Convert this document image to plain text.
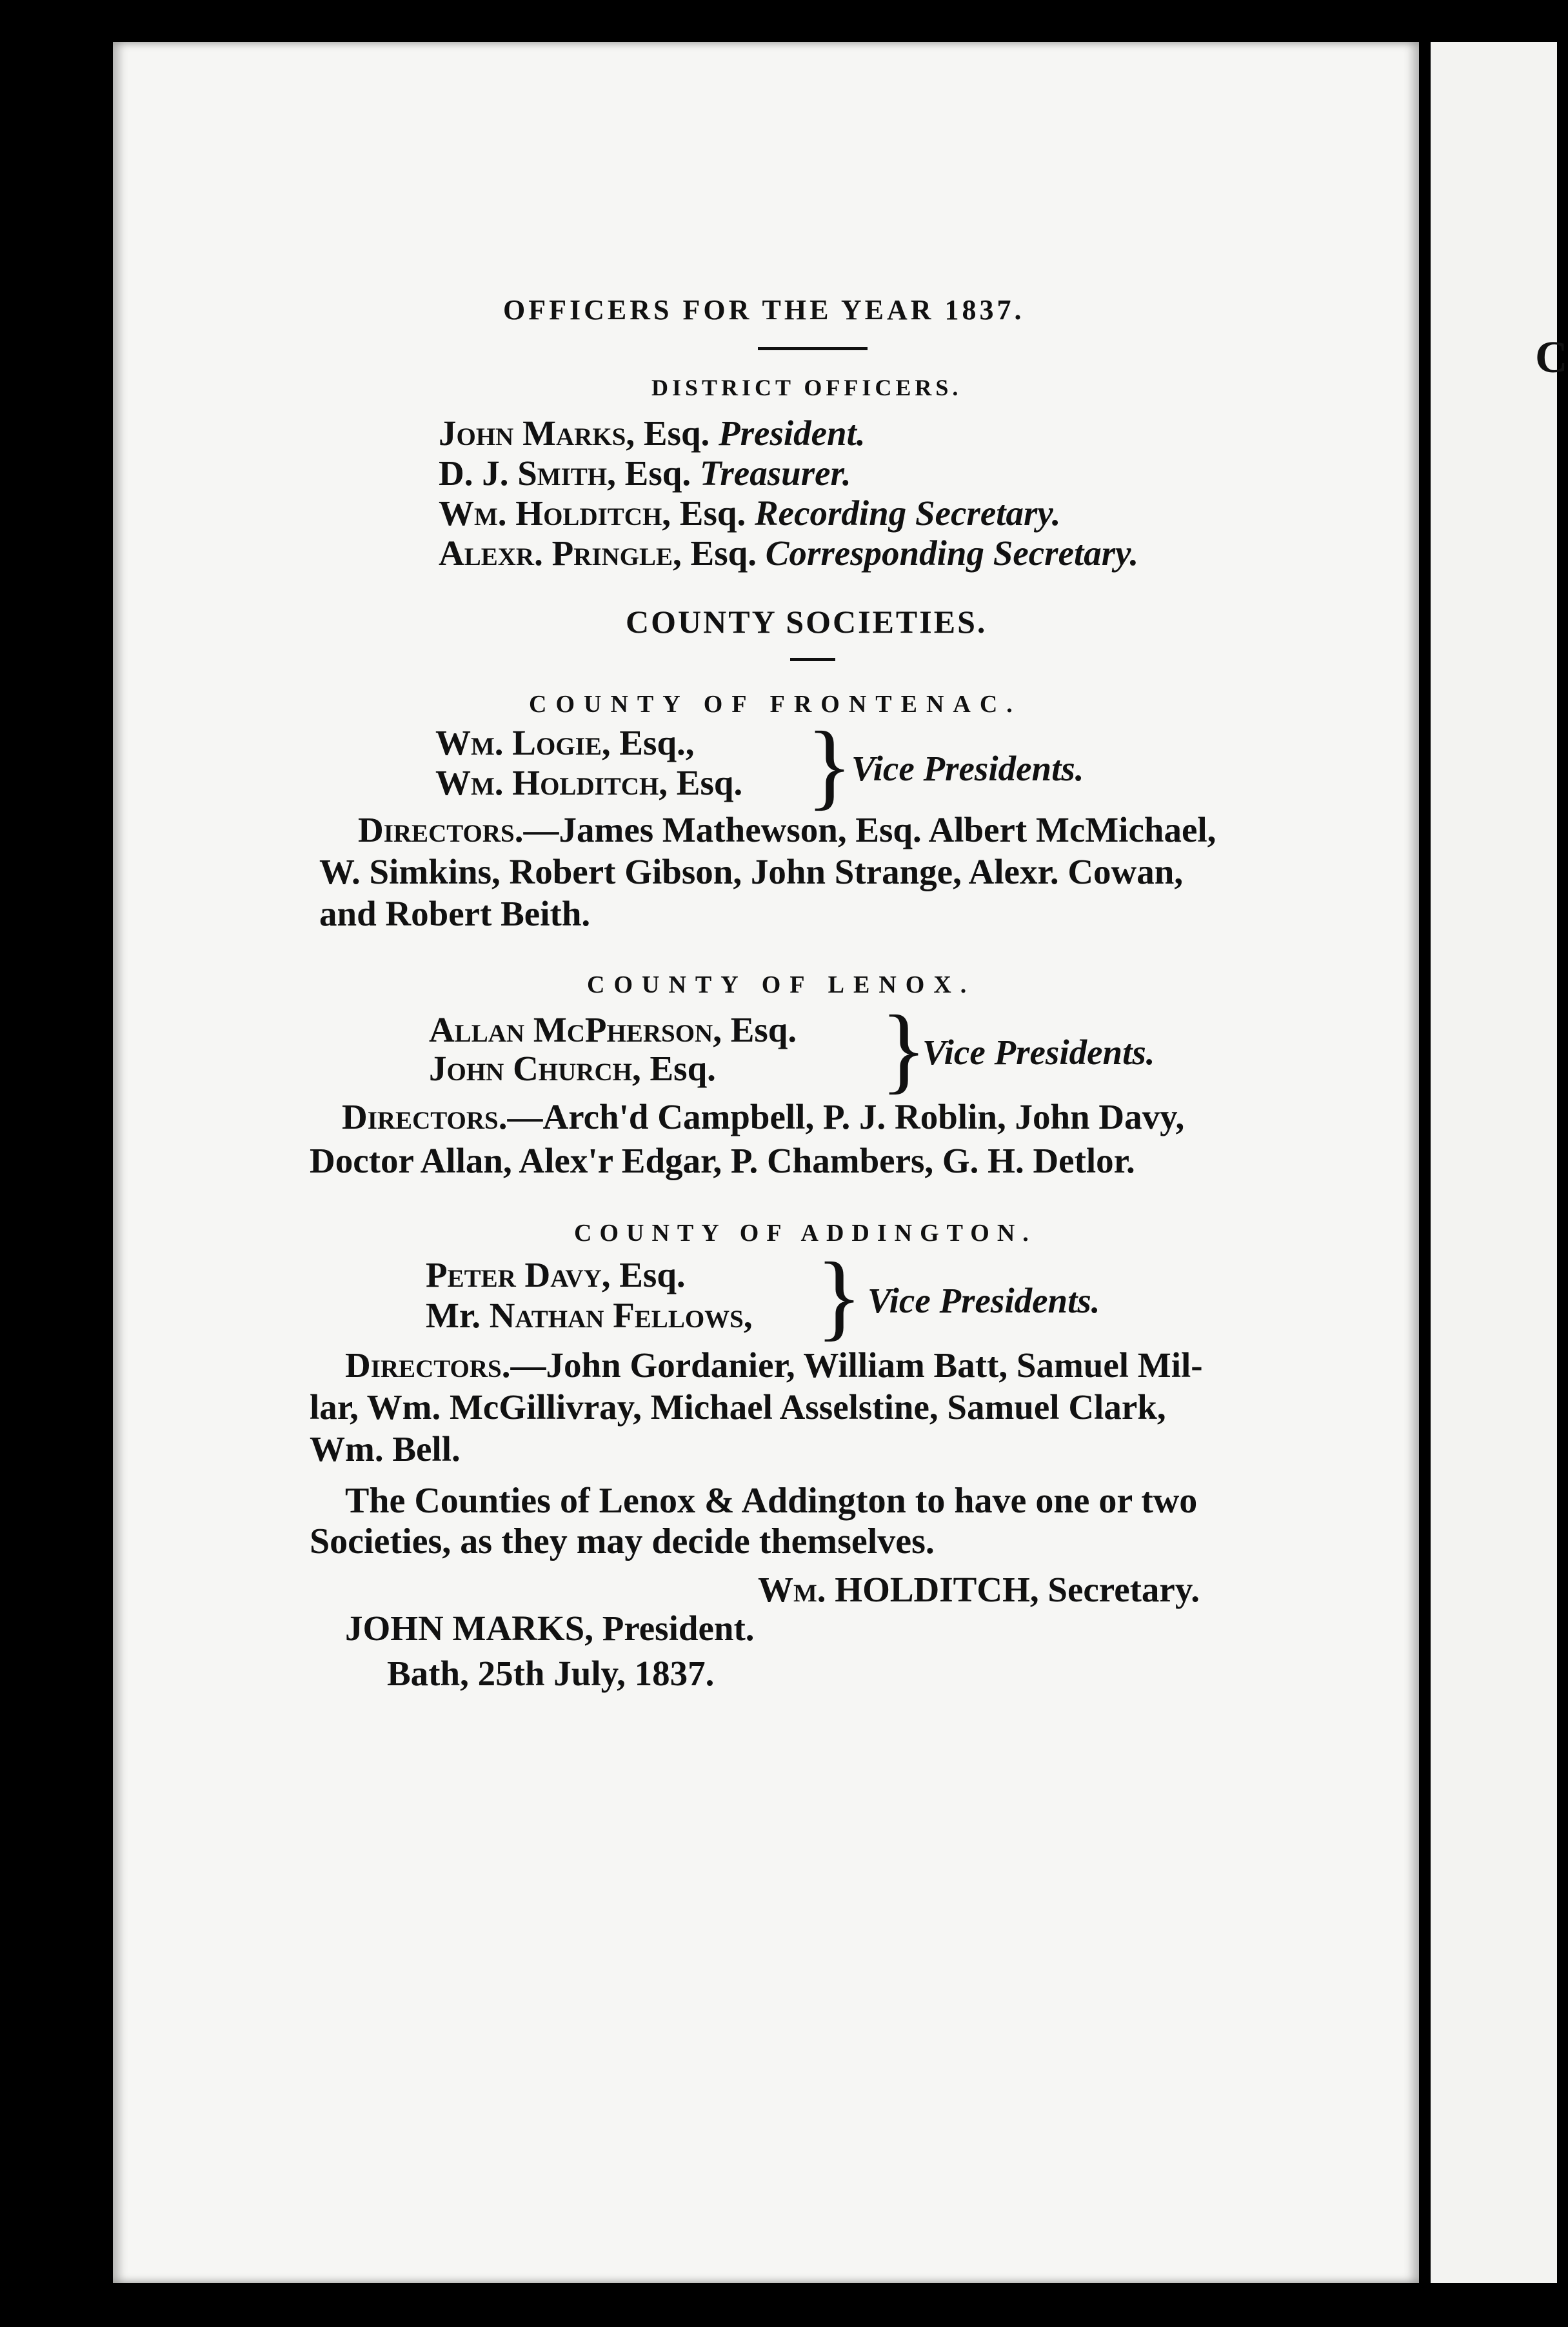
C
OFFICERS FOR THE YEAR 1837.
DISTRICT OFFICERS.
John Marks, Esq. President.
D. J. Smith, Esq. Treasurer.
Wm. Holditch, Esq. Recording Secretary.
Alexr. Pringle, Esq. Corresponding Secretary.
COUNTY SOCIETIES.
COUNTY OF FRONTENAC.
Wm. Logie, Esq.,
Wm. Holditch, Esq. }
Vice Presidents.
Directors.—James Mathewson, Esq. Albert McMichael,
W. Simkins, Robert Gibson, John Strange, Alexr. Cowan,
and Robert Beith.
COUNTY OF LENOX.
Allan McPherson, Esq.
John Church, Esq. }
Vice Presidents.
Directors.—Arch'd Campbell, P. J. Roblin, John Davy,
Doctor Allan, Alex'r Edgar, P. Chambers, G. H. Detlor.
COUNTY OF ADDINGTON.
Peter Davy, Esq.
Mr. Nathan Fellows, } Vice Presidents.
Directors.—John Gordanier, William Batt, Samuel Mil-
lar, Wm. McGillivray, Michael Asselstine, Samuel Clark,
Wm. Bell.
The Counties of Lenox & Addington to have one or two
Societies, as they may decide themselves.
Wm. HOLDITCH, Secretary.
JOHN MARKS, President.
Bath, 25th July, 1837.
